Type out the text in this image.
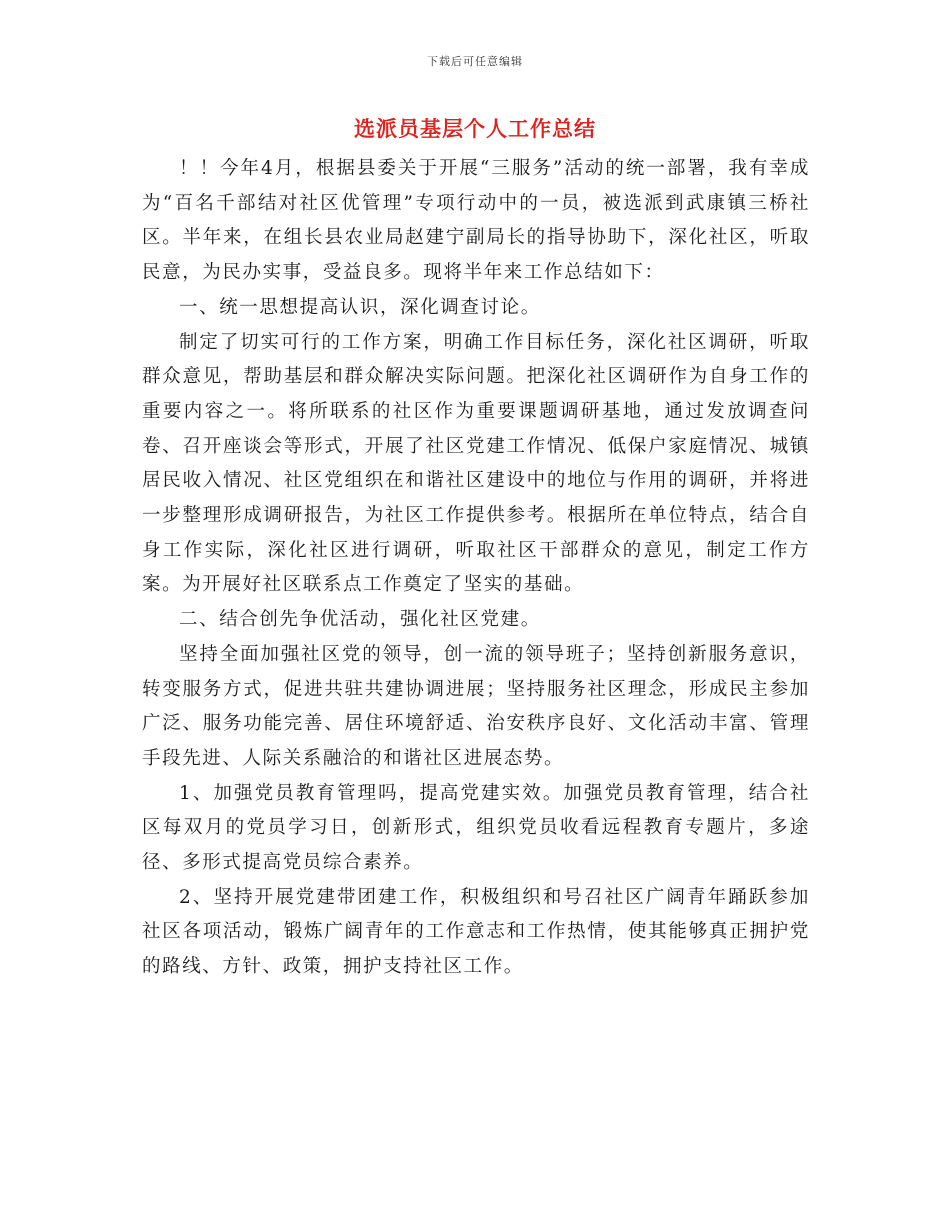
下载后可任意编辑
选派员基层个人工作总结

！！今年4月，根据县委关于开展“三服务”活动的统一部署，我有幸成为“百名千部结对社区优管理”专项行动中的一员，被选派到武康镇三桥社区。半年来，在组长县农业局赵建宁副局长的指导协助下，深化社区，听取民意，为民办实事，受益良多。现将半年来工作总结如下：

一、统一思想提高认识，深化调查讨论。

制定了切实可行的工作方案，明确工作目标任务，深化社区调研，听取群众意见，帮助基层和群众解决实际问题。把深化社区调研作为自身工作的重要内容之一。将所联系的社区作为重要课题调研基地，通过发放调查问卷、召开座谈会等形式，开展了社区党建工作情况、低保户家庭情况、城镇居民收入情况、社区党组织在和谐社区建设中的地位与作用的调研，并将进一步整理形成调研报告，为社区工作提供参考。根据所在单位特点，结合自身工作实际，深化社区进行调研，听取社区干部群众的意见，制定工作方案。为开展好社区联系点工作奠定了坚实的基础。

二、结合创先争优活动，强化社区党建。

坚持全面加强社区党的领导，创一流的领导班子；坚持创新服务意识，转变服务方式，促进共驻共建协调进展；坚持服务社区理念，形成民主参加广泛、服务功能完善、居住环境舒适、治安秩序良好、文化活动丰富、管理手段先进、人际关系融洽的和谐社区进展态势。

1、加强党员教育管理吗，提高党建实效。加强党员教育管理，结合社区每双月的党员学习日，创新形式，组织党员收看远程教育专题片，多途径、多形式提高党员综合素养。

2、坚持开展党建带团建工作，积极组织和号召社区广阔青年踊跃参加社区各项活动，锻炼广阔青年的工作意志和工作热情，使其能够真正拥护党的路线、方针、政策，拥护支持社区工作。
